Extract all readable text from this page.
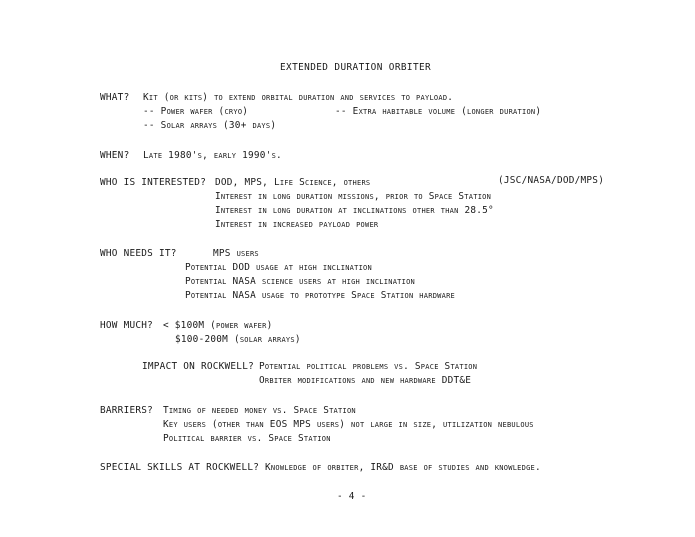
EXTENDED DURATION ORBITER
WHAT? Kit (or kits) to extend orbital duration and services to payload.
-- Power wafer (cryo)	-- Extra habitable volume (longer duration)
-- Solar arrays (30+ days)
WHEN? Late 1980's, early 1990's.
WHO IS INTERESTED? DOD, MPS, Life Science, others	(JSC/NASA/DOD/MPS)
Interest in long duration missions, prior to Space Station
Interest in long duration at inclinations other than 28.5°
Interest in increased payload power
WHO NEEDS IT?	MPS users
Potential DOD usage at high inclination
Potential NASA science users at high inclination
Potential NASA usage to prototype Space Station hardware
HOW MUCH? < $100M (power wafer)
$100-200M (solar arrays)
IMPACT ON ROCKWELL? Potential political problems vs. Space Station
Orbiter modifications and new hardware DDT&E
BARRIERS? Timing of needed money vs. Space Station
Key users (other than EOS MPS users) not large in size, utilization nebulous
Political barrier vs. Space Station
SPECIAL SKILLS AT ROCKWELL? Knowledge of orbiter, IR&D base of studies and knowledge.
- 4 -
